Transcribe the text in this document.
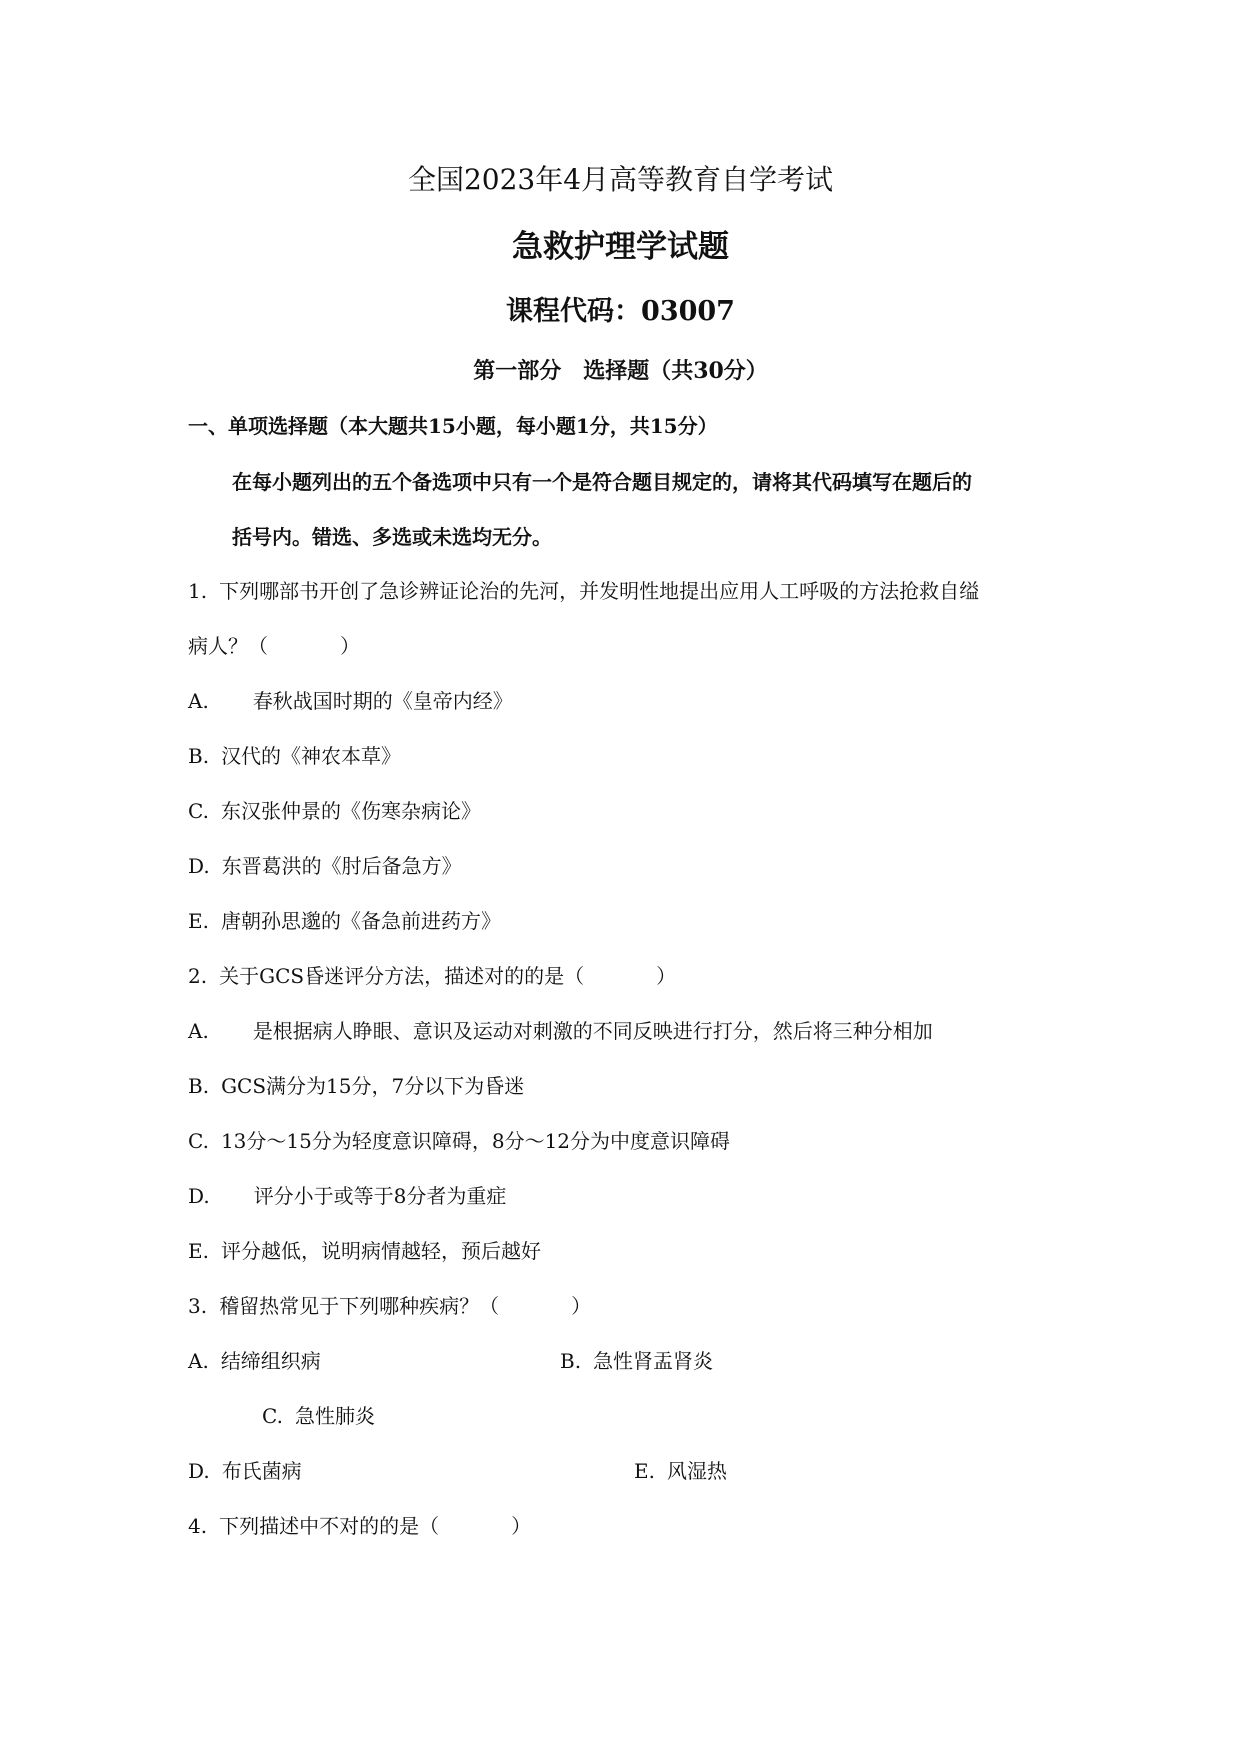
全国2023年4月高等教育自学考试
急救护理学试题
课程代码：03007
第一部分　选择题（共30分）
一、单项选择题（本大题共15小题，每小题1分，共15分）
在每小题列出的五个备选项中只有一个是符合题目规定的，请将其代码填写在题后的
括号内。错选、多选或未选均无分。
1. 下列哪部书开创了急诊辨证论治的先河，并发明性地提出应用人工呼吸的方法抢救自缢
病人？（	）
A. 春秋战国时期的《皇帝内经》
B. 汉代的《神农本草》
C. 东汉张仲景的《伤寒杂病论》
D. 东晋葛洪的《肘后备急方》
E. 唐朝孙思邈的《备急前进药方》
2. 关于GCS昏迷评分方法，描述对的的是（	）
A. 是根据病人睁眼、意识及运动对刺激的不同反映进行打分，然后将三种分相加
B. GCS满分为15分，7分以下为昏迷
C. 13分～15分为轻度意识障碍，8分～12分为中度意识障碍
D. 评分小于或等于8分者为重症
E. 评分越低，说明病情越轻，预后越好
3. 稽留热常见于下列哪种疾病？（	）
A. 结缔组织病	B. 急性肾盂肾炎
C. 急性肺炎
D. 布氏菌病	E. 风湿热
4. 下列描述中不对的的是（	）
